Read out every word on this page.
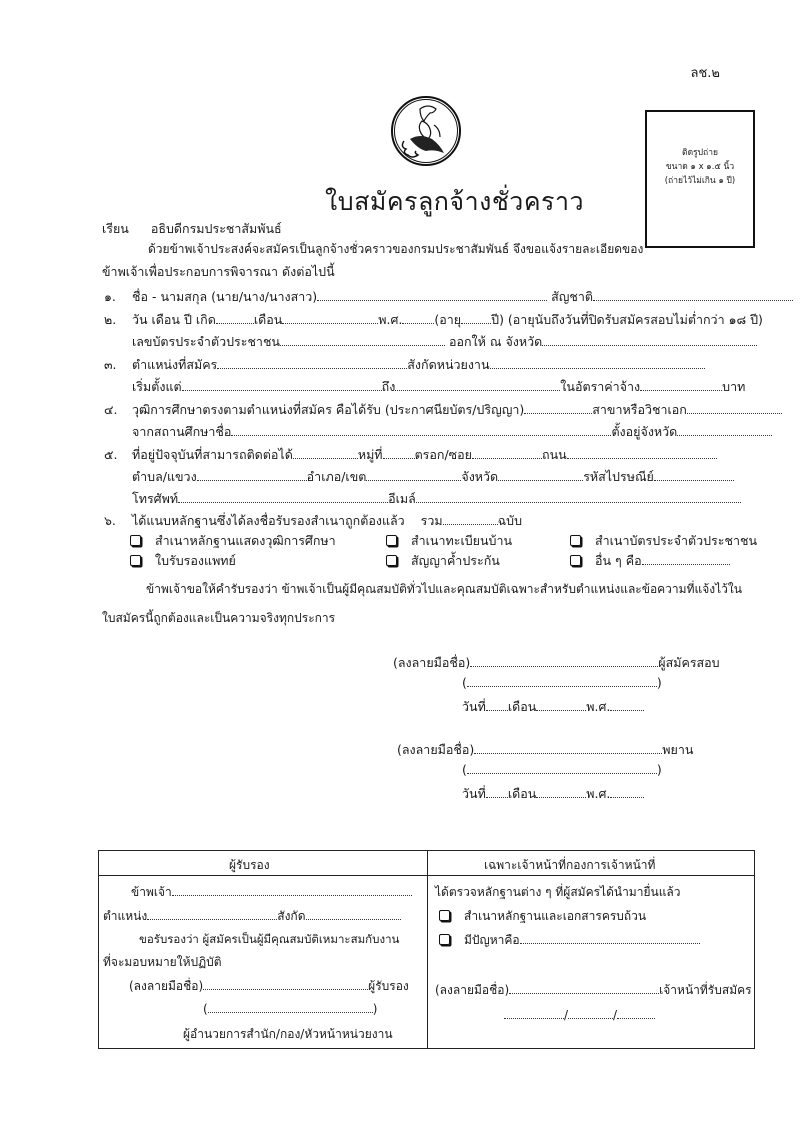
ลช.๒
ใบสมัครลูกจ้างชั่วคราว
ติดรูปถ่าย
ขนาด ๑ x ๑.๕ นิ้ว
(ถ่ายไว้ไม่เกิน ๑ ปี)
เรียน อธิบดีกรมประชาสัมพันธ์
ด้วยข้าพเจ้าประสงค์จะสมัครเป็นลูกจ้างชั่วคราวของกรมประชาสัมพันธ์ จึงขอแจ้งรายละเอียดของ
ข้าพเจ้าเพื่อประกอบการพิจารณา ดังต่อไปนี้
๑. ชื่อ - นามสกุล (นาย/นาง/นางสาว)	สัญชาติ
๒. วัน เดือน ปี เกิด	เดือน	พ.ศ.	(อายุ ปี) (อายุนับถึงวันที่ปิดรับสมัครสอบไม่ต่ำกว่า ๑๘ ปี)
เลขบัตรประจำตัวประชาชน	ออกให้ ณ จังหวัด
๓. ตำแหน่งที่สมัคร	สังกัดหน่วยงาน
เริ่มตั้งแต่	ถึง	ในอัตราค่าจ้าง	บาท
๔. วุฒิการศึกษาตรงตามตำแหน่งที่สมัคร คือได้รับ (ประกาศนียบัตร/ปริญญา)	สาขาหรือวิชาเอก
จากสถานศึกษาชื่อ	ตั้งอยู่จังหวัด
๕. ที่อยู่ปัจจุบันที่สามารถติดต่อได้	หมู่ที่	ตรอก/ซอย	ถนน
ตำบล/แขวง	อำเภอ/เขต	จังหวัด	รหัสไปรษณีย์
โทรศัพท์	อีเมล์
๖. ได้แนบหลักฐานซึ่งได้ลงชื่อรับรองสำเนาถูกต้องแล้ว รวม	ฉบับ
สำเนาหลักฐานแสดงวุฒิการศึกษา	สำเนาทะเบียนบ้าน	สำเนาบัตรประจำตัวประชาชน
ใบรับรองแพทย์	สัญญาค้ำประกัน	อื่น ๆ คือ
ข้าพเจ้าขอให้คำรับรองว่า ข้าพเจ้าเป็นผู้มีคุณสมบัติทั่วไปและคุณสมบัติเฉพาะสำหรับตำแหน่งและข้อความที่แจ้งไว้ใน
ใบสมัครนี้ถูกต้องและเป็นความจริงทุกประการ
(ลงลายมือชื่อ)	ผู้สมัครสอบ
(	)
วันที่ เดือน	พ.ศ.
(ลงลายมือชื่อ)	พยาน
(	)
วันที่ เดือน	พ.ศ.
ผู้รับรอง
ข้าพเจ้า
ตำแหน่ง	สังกัด
ขอรับรองว่า ผู้สมัครเป็นผู้มีคุณสมบัติเหมาะสมกับงาน
ที่จะมอบหมายให้ปฏิบัติ
(ลงลายมือชื่อ)	ผู้รับรอง
(	)
ผู้อำนวยการสำนัก/กอง/หัวหน้าหน่วยงาน
เฉพาะเจ้าหน้าที่กองการเจ้าหน้าที่
ได้ตรวจหลักฐานต่าง ๆ ที่ผู้สมัครได้นำมายื่นแล้ว
สำเนาหลักฐานและเอกสารครบถ้วน
มีปัญหาคือ
(ลงลายมือชื่อ)	เจ้าหน้าที่รับสมัคร
/	/
